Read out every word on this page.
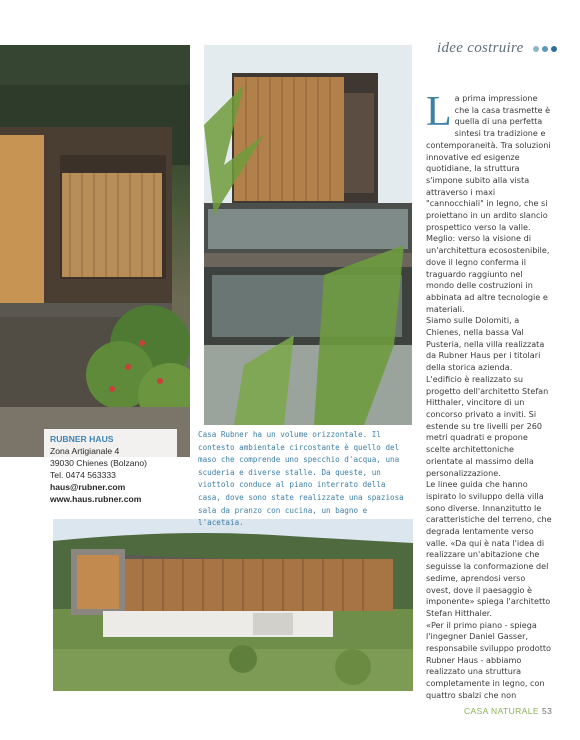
idee costruire
RUBNER HAUS
Zona Artigianale 4
39030 Chienes (Bolzano)
Tel. 0474 563333
haus@rubner.com
www.haus.rubner.com
Casa Rubner ha un volume orizzontale. Il contesto ambientale circostante è quello del maso che comprende uno specchio d'acqua, una scuderia e diverse stalle. Da queste, un viottolo conduce al piano interrato della casa, dove sono state realizzate una spaziosa sala da pranzo con cucina, un bagno e l'acetaia.

La prima impressione che la casa trasmette è quella di una perfetta sintesi tra tradizione e contemporaneità. Tra soluzioni innovative ed esigenze quotidiane, la struttura s'impone subito alla vista attraverso i maxi "cannocchiali" in legno, che si proiettano in un ardito slancio prospettico verso la valle. Meglio: verso la visione di un'architettura ecosostenibile, dove il legno conferma il traguardo raggiunto nel mondo delle costruzioni in abbinata ad altre tecnologie e materiali.

Siamo sulle Dolomiti, a Chienes, nella bassa Val Pusteria, nella villa realizzata da Rubner Haus per i titolari della storica azienda.

L'edificio è realizzato su progetto dell'architetto Stefan Hitthaler, vincitore di un concorso privato a inviti. Si estende su tre livelli per 260 metri quadrati e propone scelte architettoniche orientate al massimo della personalizzazione.

Le linee guida che hanno ispirato lo sviluppo della villa sono diverse. Innanzitutto le caratteristiche del terreno, che degrada lentamente verso valle. «Da qui è nata l'idea di realizzare un'abitazione che seguisse la conformazione del sedime, aprendosi verso ovest, dove il paesaggio è imponente» spiega l'architetto Stefan Hitthaler.

«Per il primo piano - spiega l'ingegner Daniel Gasser, responsabile sviluppo prodotto Rubner Haus - abbiamo realizzato una struttura completamente in legno, con quattro sbalzi che non

CASA NATURALE 53
